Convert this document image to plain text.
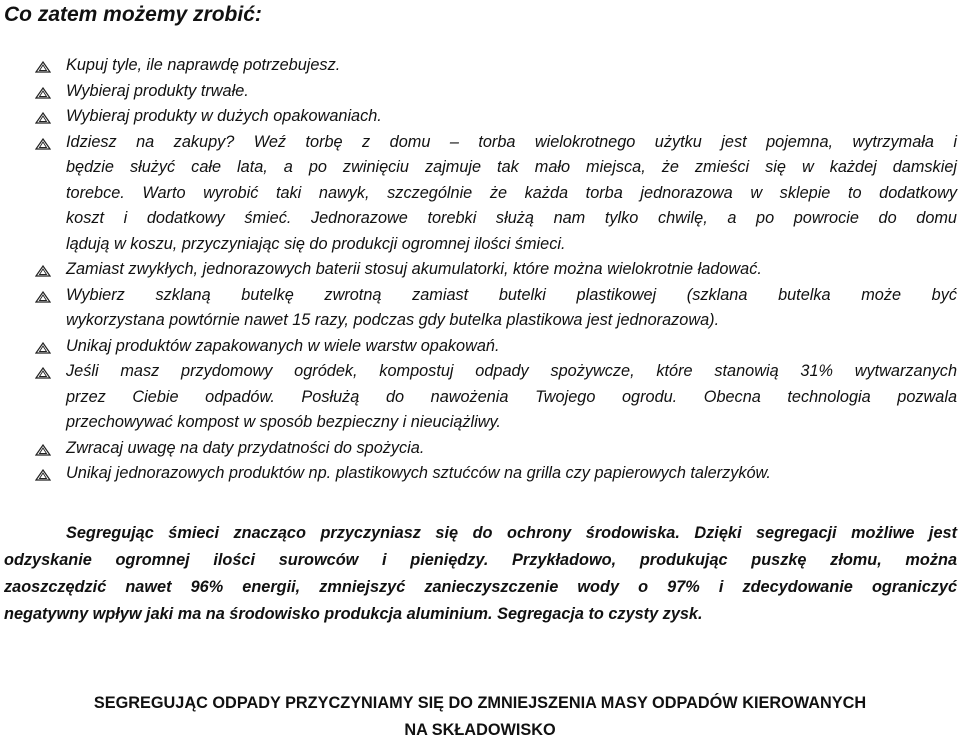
Co zatem możemy zrobić:
Kupuj tyle, ile naprawdę potrzebujesz.
Wybieraj produkty trwałe.
Wybieraj produkty w dużych opakowaniach.
Idziesz na zakupy? Weź torbę z domu – torba wielokrotnego użytku jest pojemna, wytrzymała i
będzie służyć całe lata, a po zwinięciu zajmuje tak mało miejsca, że zmieści się w każdej damskiej
torebce. Warto wyrobić taki nawyk, szczególnie że każda torba jednorazowa w sklepie to dodatkowy
koszt i dodatkowy śmieć. Jednorazowe torebki służą nam tylko chwilę, a po powrocie do domu
lądują w koszu, przyczyniając się do produkcji ogromnej ilości śmieci.
Zamiast zwykłych, jednorazowych baterii stosuj akumulatorki, które można wielokrotnie ładować.
Wybierz szklaną butelkę zwrotną zamiast butelki plastikowej (szklana butelka może być
wykorzystana powtórnie nawet 15 razy, podczas gdy butelka plastikowa jest jednorazowa).
Unikaj produktów zapakowanych w wiele warstw opakowań.
Jeśli masz przydomowy ogródek, kompostuj odpady spożywcze, które stanowią 31% wytwarzanych
przez Ciebie odpadów. Posłużą do nawożenia Twojego ogrodu. Obecna technologia pozwala
przechowywać kompost w sposób bezpieczny i nieuciążliwy.
Zwracaj uwagę na daty przydatności do spożycia.
Unikaj jednorazowych produktów np. plastikowych sztućców na grilla czy papierowych talerzyków.
Segregując śmieci znacząco przyczyniasz się do ochrony środowiska. Dzięki segregacji możliwe jest
odzyskanie ogromnej ilości surowców i pieniędzy. Przykładowo, produkując puszkę złomu, można
zaoszczędzić nawet 96% energii, zmniejszyć zanieczyszczenie wody o 97% i zdecydowanie ograniczyć
negatywny wpływ jaki ma na środowisko produkcja aluminium. Segregacja to czysty zysk.
SEGREGUJĄC ODPADY PRZYCZYNIAMY SIĘ DO ZMNIEJSZENIA MASY ODPADÓW KIEROWANYCH
NA SKŁADOWISKO
